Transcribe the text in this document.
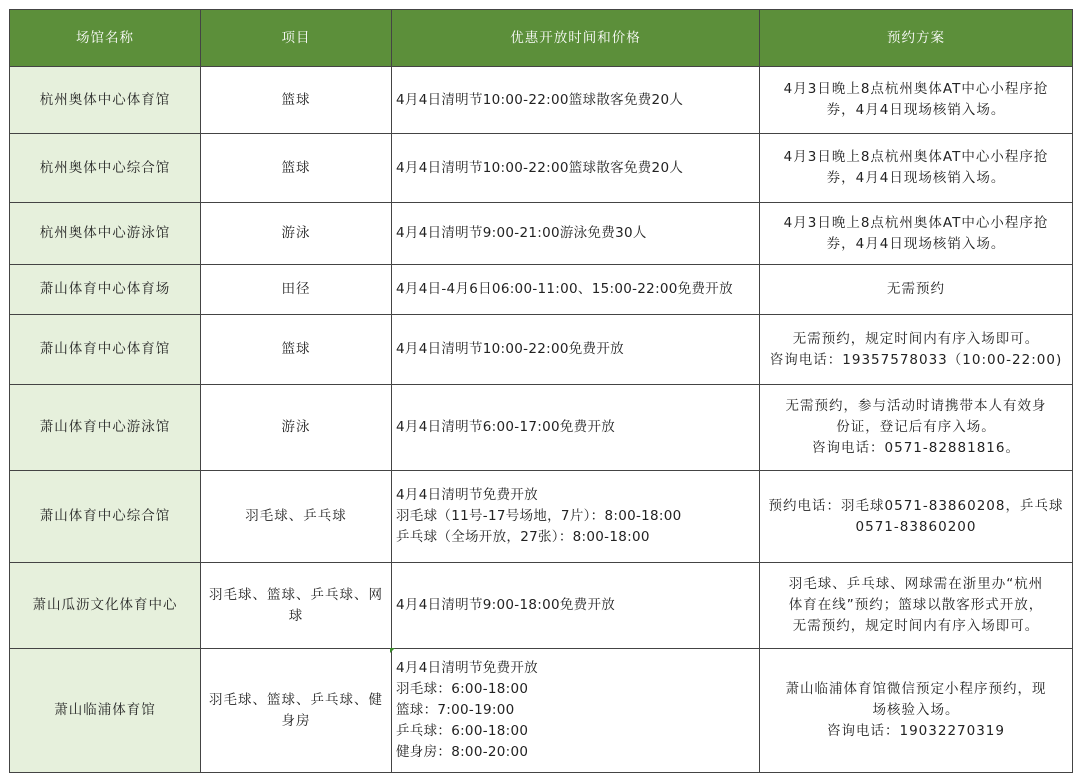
场馆名称	项目	优惠开放时间和价格	预约方案
杭州奥体中心体育馆	篮球	4月4日清明节10:00-22:00篮球散客免费20人	4月3日晚上8点杭州奥体AT中心小程序抢
券，4月4日现场核销入场。

杭州奥体中心综合馆	篮球	4月4日清明节10:00-22:00篮球散客免费20人	4月3日晚上8点杭州奥体AT中心小程序抢
券，4月4日现场核销入场。

杭州奥体中心游泳馆	游泳	4月4日清明节9:00-21:00游泳免费30人	4月3日晚上8点杭州奥体AT中心小程序抢
券，4月4日现场核销入场。

萧山体育中心体育场	田径	4月4日-4月6日06:00-11:00、15:00-22:00免费开放	无需预约

萧山体育中心体育馆	篮球	4月4日清明节10:00-22:00免费开放	无需预约，规定时间内有序入场即可。
咨询电话：19357578033（10:00-22:00)

萧山体育中心游泳馆	游泳	4月4日清明节6:00-17:00免费开放	无需预约，参与活动时请携带本人有效身
份证，登记后有序入场。
咨询电话：0571-82881816。

萧山体育中心综合馆	羽毛球、乒乓球	4月4日清明节免费开放
羽毛球（11号-17号场地，7片）：8:00-18:00
乒乓球（全场开放，27张）：8:00-18:00	预约电话：羽毛球0571-83860208，乒乓球
0571-83860200

萧山瓜沥文化体育中心	羽毛球、篮球、乒乓球、网球	4月4日清明节9:00-18:00免费开放	羽毛球、乒乓球、网球需在浙里办“杭州
体育在线”预约；篮球以散客形式开放，
无需预约，规定时间内有序入场即可。

萧山临浦体育馆	羽毛球、篮球、乒乓球、健身房	4月4日清明节免费开放
羽毛球：6:00-18:00
篮球：7:00-19:00
乒乓球：6:00-18:00
健身房：8:00-20:00	萧山临浦体育馆微信预定小程序预约，现
场核验入场。
咨询电话：19032270319
